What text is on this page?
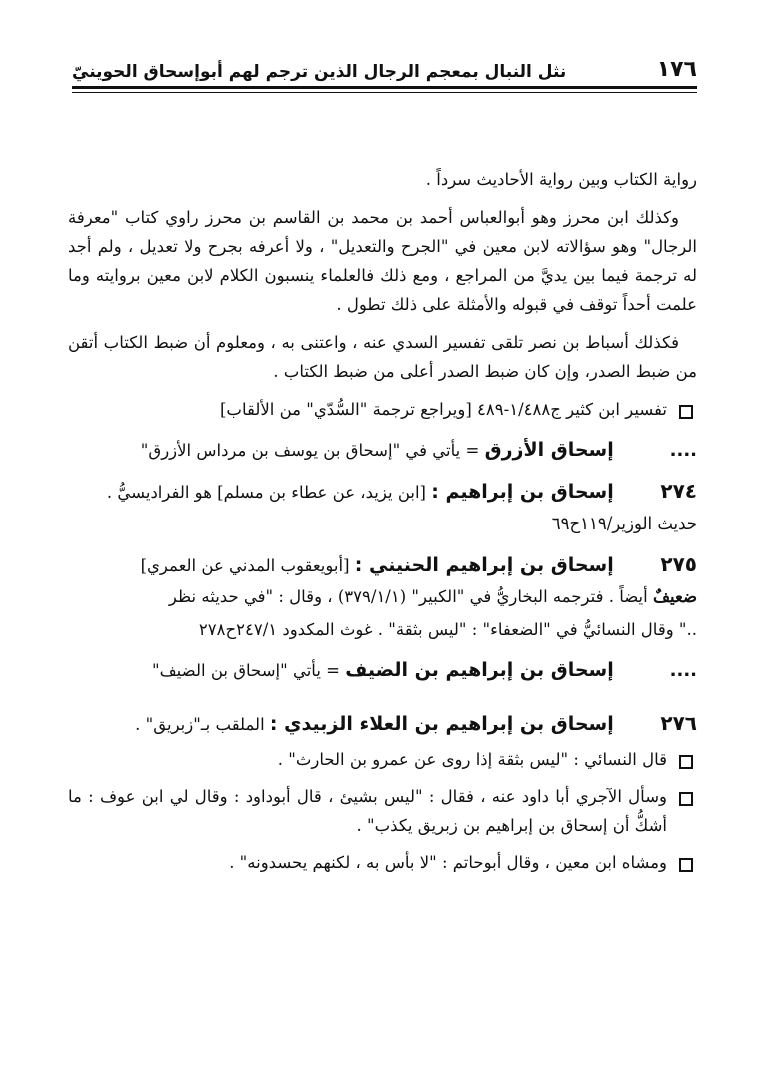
١٧٦
نثل النبال بمعجم الرجال الذين ترجم لهم أبوإسحاق الحوينيّ

رواية الكتاب وبين رواية الأحاديث سرداً .

وكذلك ابن محرز وهو أبوالعباس أحمد بن محمد بن القاسم بن محرز راوي كتاب "معرفة الرجال" وهو سؤالاته لابن معين في "الجرح والتعديل" ، ولا أعرفه بجرح ولا تعديل ، ولم أجد له ترجمة فيما بين يديَّ من المراجع ، ومع ذلك فالعلماء ينسبون الكلام لابن معين بروايته وما علمت أحداً توقف في قبوله والأمثلة على ذلك تطول .

فكذلك أسباط بن نصر تلقى تفسير السدي عنه ، واعتنى به ، ومعلوم أن ضبط الكتاب أتقن من ضبط الصدر، وإن كان ضبط الصدر أعلى من ضبط الكتاب .

تفسير ابن كثير ج١/٤٨٨-٤٨٩ [ويراجع ترجمة "السُّدّي" من الألقاب]
.... إسحاق الأزرق = يأتي في "إسحاق بن يوسف بن مرداس الأزرق"
٢٧٤ إسحاق بن إبراهيم : [ابن يزيد، عن عطاء بن مسلم] هو الفراديسيُّ .
حديث الوزير/١١٩ح٦٩
٢٧٥ إسحاق بن إبراهيم الحنيني : [أبويعقوب المدني عن العمري]
ضعيفٌ أيضاً . فترجمه البخاريُّ في "الكبير" (٣٧٩/١/١) ، وقال : "في حديثه نظر
.." وقال النسائيُّ في "الضعفاء" : "ليس بثقة" . غوث المكدود ٢٤٧/١ح٢٧٨
.... إسحاق بن إبراهيم بن الضيف = يأتي "إسحاق بن الضيف"
٢٧٦ إسحاق بن إبراهيم بن العلاء الزبيدي : الملقب بـ"زبريق" .
قال النسائي : "ليس بثقة إذا روى عن عمرو بن الحارث" .
وسأل الآجري أبا داود عنه ، فقال : "ليس بشيئ ، قال أبوداود : وقال لي ابن عوف : ما أشكُّ أن إسحاق بن إبراهيم بن زبريق يكذب" .
ومشاه ابن معين ، وقال أبوحاتم : "لا بأس به ، لكنهم يحسدونه" .
